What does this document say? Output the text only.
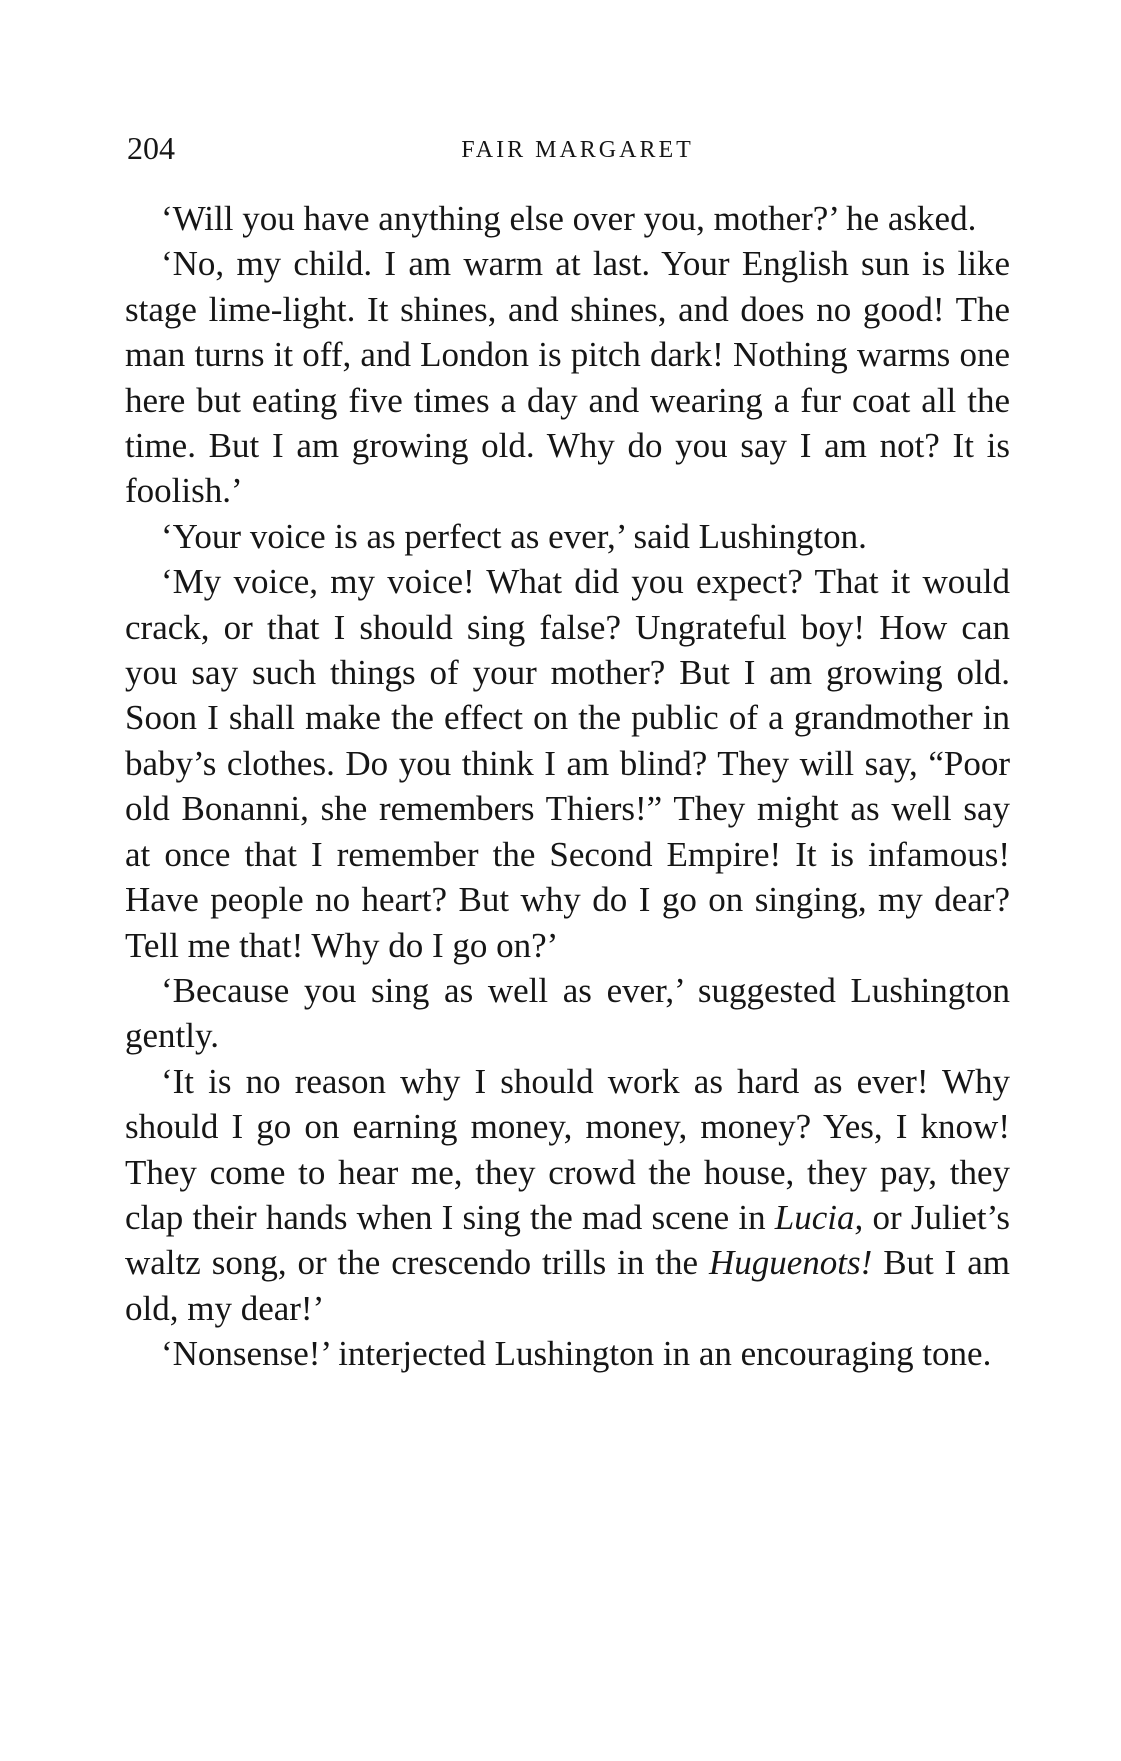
204	FAIR MARGARET

‘Will you have anything else over you, mother?’ he asked.

‘No, my child. I am warm at last. Your English sun is like stage lime-light. It shines, and shines, and does no good! The man turns it off, and London is pitch dark! Nothing warms one here but eating five times a day and wearing a fur coat all the time. But I am growing old. Why do you say I am not? It is foolish.’

‘Your voice is as perfect as ever,’ said Lushington.

‘My voice, my voice! What did you expect? That it would crack, or that I should sing false? Ungrateful boy! How can you say such things of your mother? But I am growing old. Soon I shall make the effect on the public of a grandmother in baby’s clothes. Do you think I am blind? They will say, “Poor old Bonanni, she remembers Thiers!” They might as well say at once that I remember the Second Empire! It is infamous! Have people no heart? But why do I go on singing, my dear? Tell me that! Why do I go on?’

‘Because you sing as well as ever,’ suggested Lushington gently.

‘It is no reason why I should work as hard as ever! Why should I go on earning money, money, money? Yes, I know! They come to hear me, they crowd the house, they pay, they clap their hands when I sing the mad scene in Lucia, or Juliet’s waltz song, or the crescendo trills in the Huguenots! But I am old, my dear!’

‘Nonsense!’ interjected Lushington in an encouraging tone.
